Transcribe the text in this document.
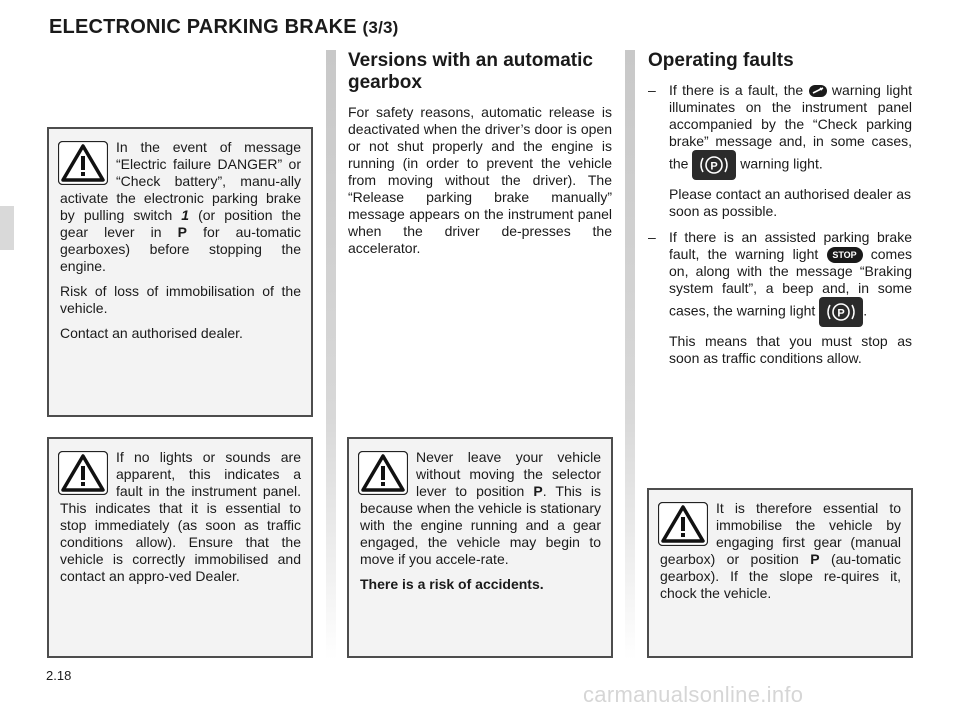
ELECTRONIC PARKING BRAKE (3/3)

In the event of message “Electric failure DANGER” or “Check battery”, manu-ally activate the electronic parking brake by pulling switch 1 (or position the gear lever in P for au-tomatic gearboxes) before stopping the engine.

Risk of loss of immobilisation of the vehicle.

Contact an authorised dealer.

If no lights or sounds are apparent, this indicates a fault in the instrument panel. This indicates that it is essential to stop immediately (as soon as traffic conditions allow). Ensure that the vehicle is correctly immobilised and contact an appro-ved Dealer.

Versions with an automatic gearbox
For safety reasons, automatic release is deactivated when the driver’s door is open or not shut properly and the engine is running (in order to prevent the vehicle from moving without the driver). The “Release parking brake manually” message appears on the instrument panel when the driver de-presses the accelerator.

Never leave your vehicle without moving the selector lever to position P. This is because when the vehicle is stationary with the engine running and a gear engaged, the vehicle may begin to move if you accele-rate.

There is a risk of accidents.

Operating faults
– If there is a fault, the  warning light illuminates on the instrument panel accompanied by the “Check parking brake” message and, in some cases, the P warning light.

Please contact an authorised dealer as soon as possible.

– If there is an assisted parking brake fault, the warning light STOP comes on, along with the message “Braking system fault”, a beep and, in some cases, the warning light P .

This means that you must stop as soon as traffic conditions allow.

It is therefore essential to immobilise the vehicle by engaging first gear (manual gearbox) or position P (au-tomatic gearbox). If the slope re-quires it, chock the vehicle.

2.18
carmanualsonline.info
